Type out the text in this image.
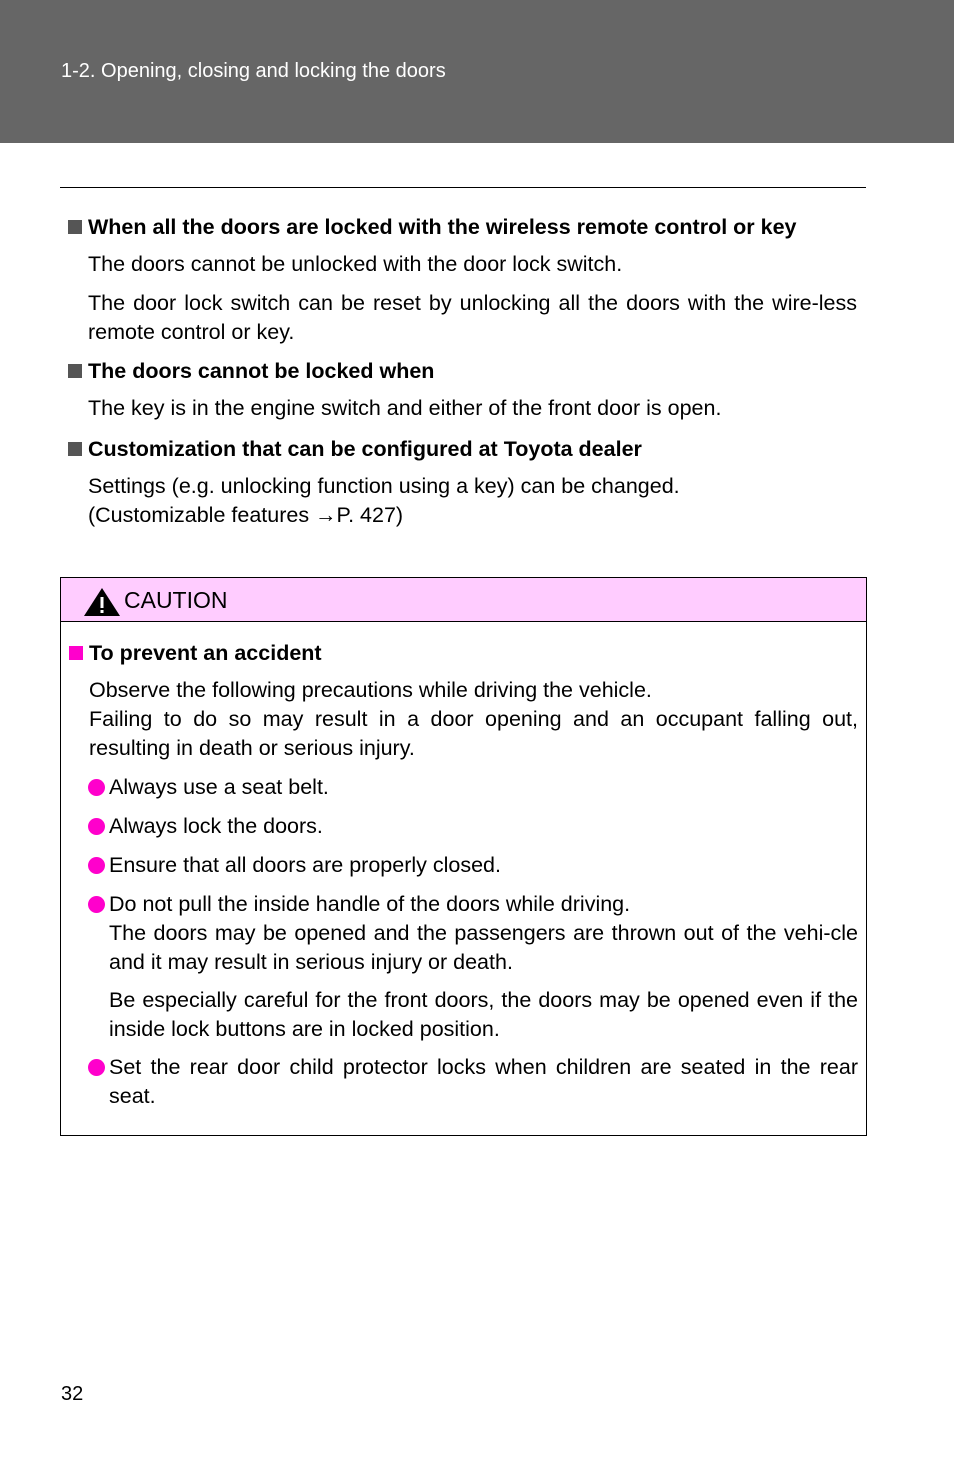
1-2. Opening, closing and locking the doors
When all the doors are locked with the wireless remote control or key
The doors cannot be unlocked with the door lock switch.
The door lock switch can be reset by unlocking all the doors with the wire-less remote control or key.
The doors cannot be locked when
The key is in the engine switch and either of the front door is open.
Customization that can be configured at Toyota dealer
Settings (e.g. unlocking function using a key) can be changed.
(Customizable features →P. 427)
CAUTION
To prevent an accident
Observe the following precautions while driving the vehicle.
Failing to do so may result in a door opening and an occupant falling out, resulting in death or serious injury.
Always use a seat belt.
Always lock the doors.
Ensure that all doors are properly closed.
Do not pull the inside handle of the doors while driving.
The doors may be opened and the passengers are thrown out of the vehi-cle and it may result in serious injury or death.
Be especially careful for the front doors, the doors may be opened even if the inside lock buttons are in locked position.
Set the rear door child protector locks when children are seated in the rear seat.
32
